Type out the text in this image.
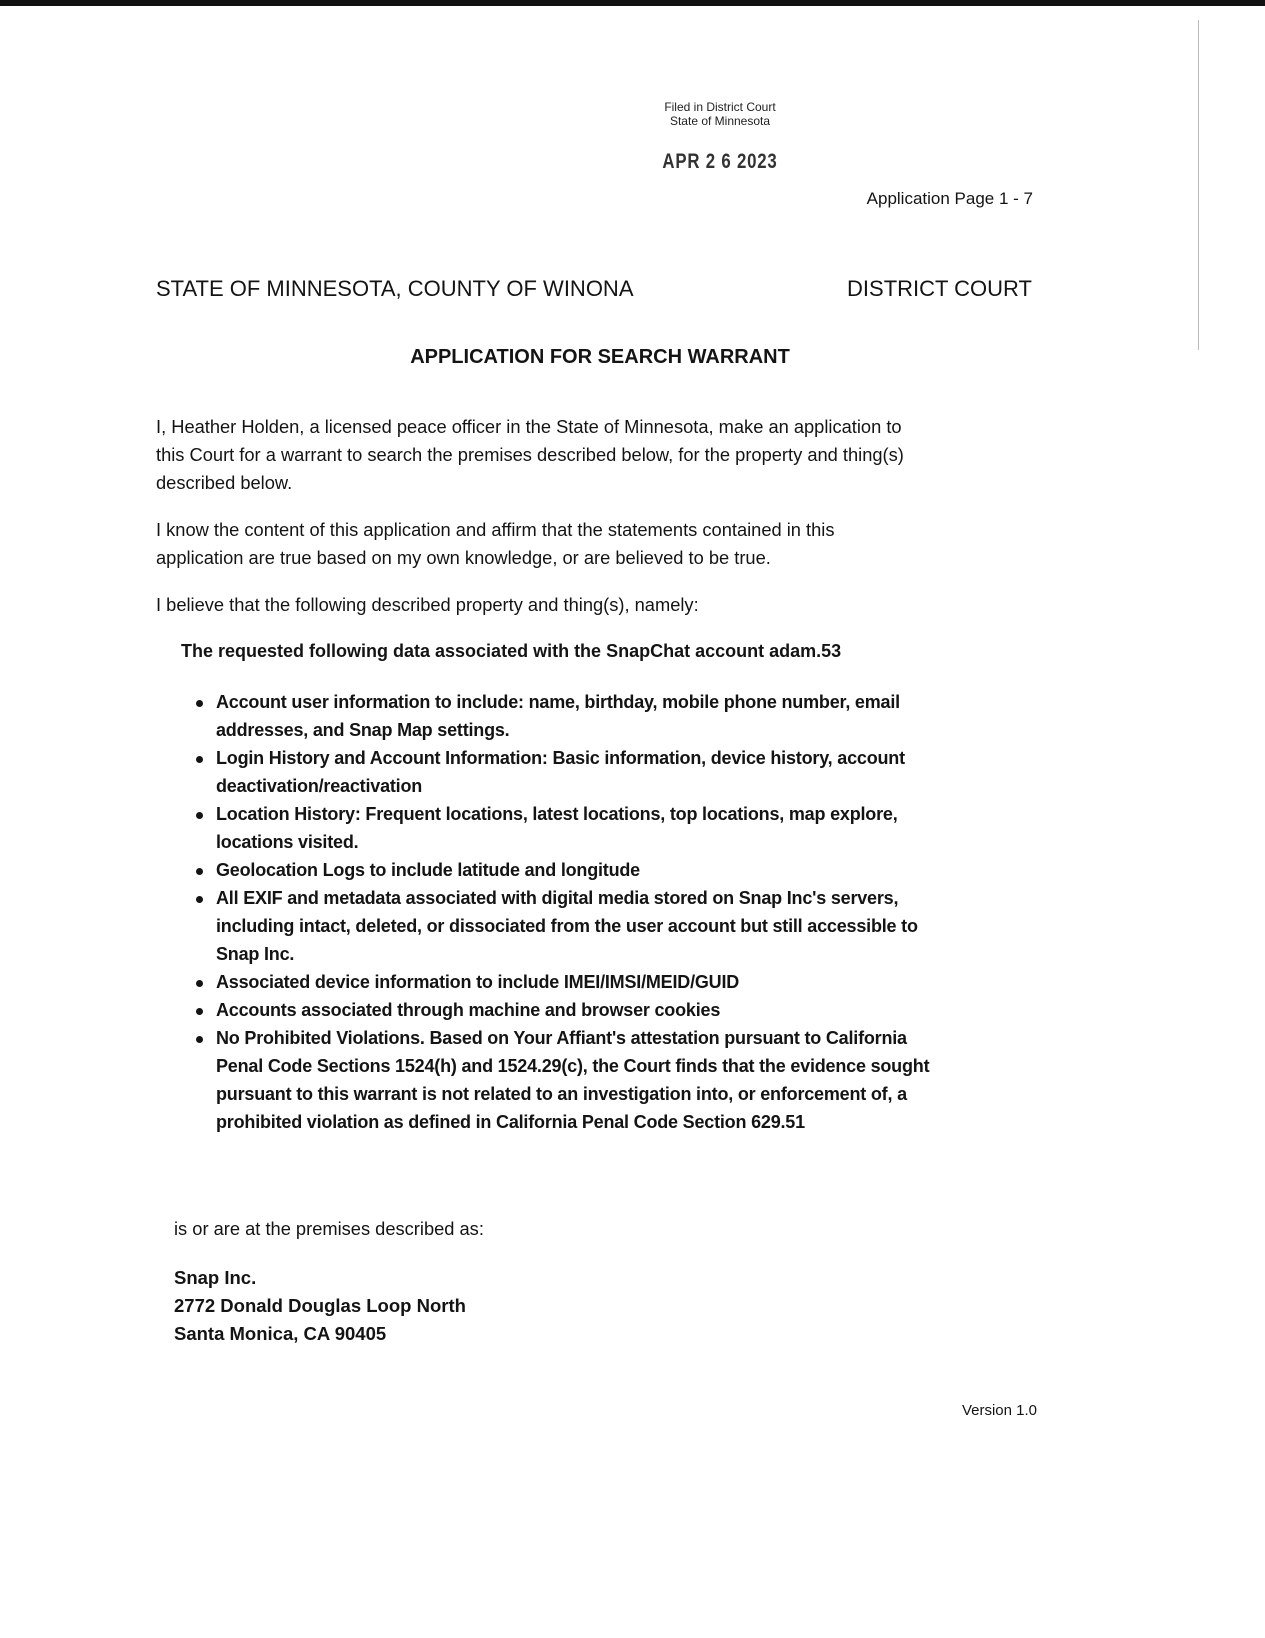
Filed in District Court
State of Minnesota
APR 2 6 2023
Application Page 1 - 7
STATE OF MINNESOTA, COUNTY OF WINONA	DISTRICT COURT
APPLICATION FOR SEARCH WARRANT
I, Heather Holden, a licensed peace officer in the State of Minnesota, make an application to
this Court for a warrant to search the premises described below, for the property and thing(s)
described below.
I know the content of this application and affirm that the statements contained in this
application are true based on my own knowledge, or are believed to be true.
I believe that the following described property and thing(s), namely:
The requested following data associated with the SnapChat account adam.53
Account user information to include: name, birthday, mobile phone number, email
addresses, and Snap Map settings.
Login History and Account Information: Basic information, device history, account
deactivation/reactivation
Location History: Frequent locations, latest locations, top locations, map explore,
locations visited.
Geolocation Logs to include latitude and longitude
All EXIF and metadata associated with digital media stored on Snap Inc's servers,
including intact, deleted, or dissociated from the user account but still accessible to
Snap Inc.
Associated device information to include IMEI/IMSI/MEID/GUID
Accounts associated through machine and browser cookies
No Prohibited Violations. Based on Your Affiant's attestation pursuant to California
Penal Code Sections 1524(h) and 1524.29(c), the Court finds that the evidence sought
pursuant to this warrant is not related to an investigation into, or enforcement of, a
prohibited violation as defined in California Penal Code Section 629.51
is or are at the premises described as:
Snap Inc.
2772 Donald Douglas Loop North
Santa Monica, CA 90405
Version 1.0
